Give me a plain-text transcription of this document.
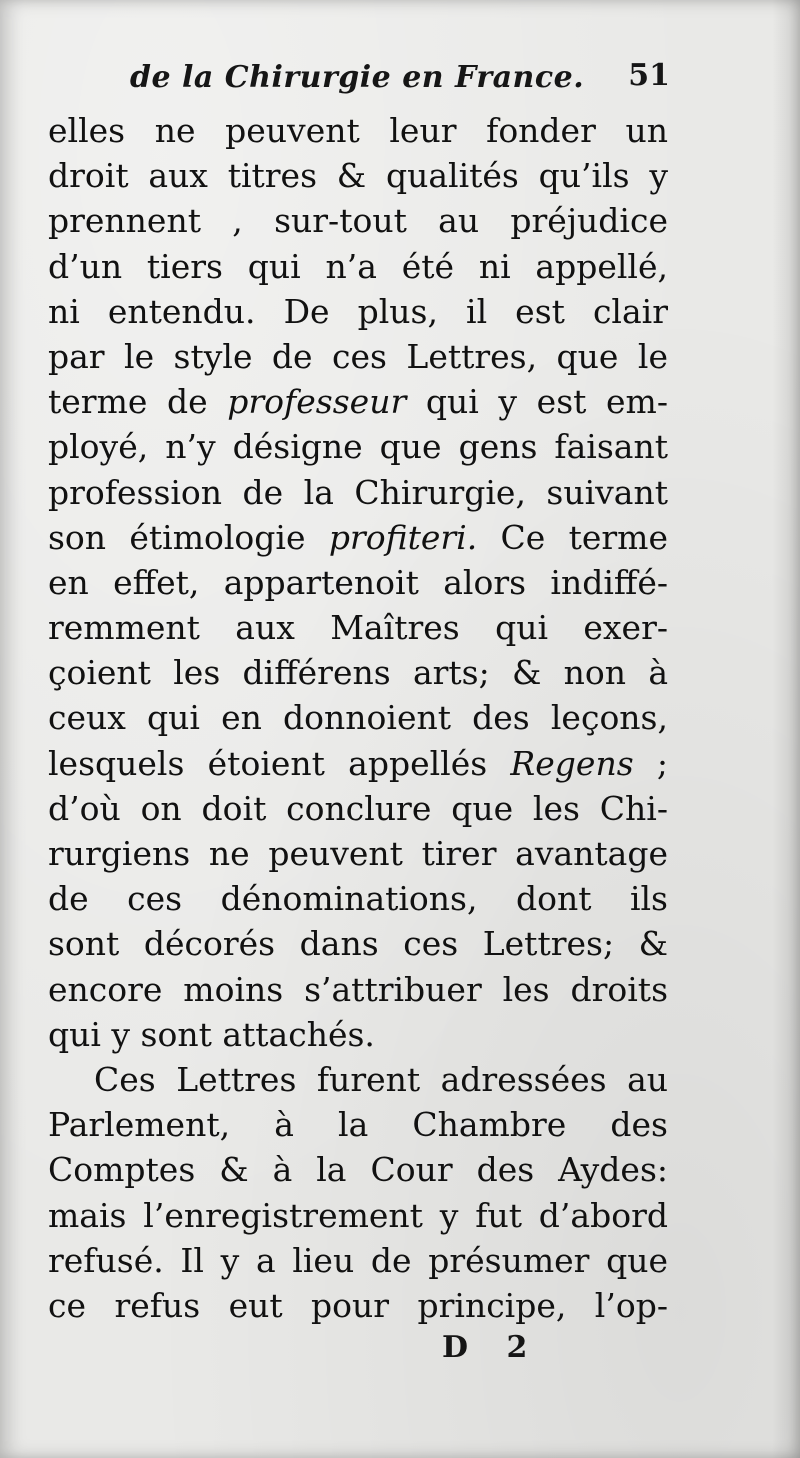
de la Chirurgie en France. 51
elles ne peuvent leur fonder un
droit aux titres & qualités qu’ils y
prennent , sur-tout au préjudice
d’un tiers qui n’a été ni appellé,
ni entendu. De plus, il est clair
par le style de ces Lettres, que le
terme de professeur qui y est em-
ployé, n’y désigne que gens faisant
profession de la Chirurgie, suivant
son étimologie profiteri. Ce terme
en effet, appartenoit alors indiffé-
remment aux Maîtres qui exer-
çoient les différens arts; & non à
ceux qui en donnoient des leçons,
lesquels étoient appellés Regens ;
d’où on doit conclure que les Chi-
rurgiens ne peuvent tirer avantage
de ces dénominations, dont ils
sont décorés dans ces Lettres; &
encore moins s’attribuer les droits
qui y sont attachés.
Ces Lettres furent adressées au
Parlement, à la Chambre des
Comptes & à la Cour des Aydes:
mais l’enregistrement y fut d’abord
refusé. Il y a lieu de présumer que
ce refus eut pour principe, l’op-
D 2
